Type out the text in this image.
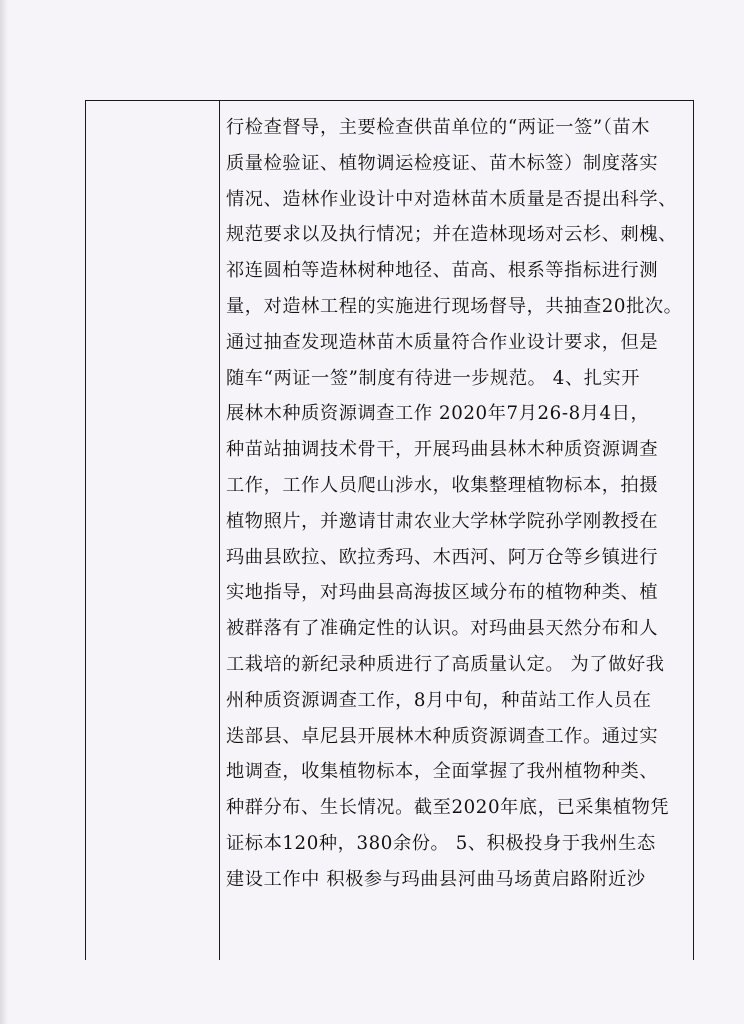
行检查督导，主要检查供苗单位的“两证一签”（苗木
质量检验证、植物调运检疫证、苗木标签）制度落实
情况、造林作业设计中对造林苗木质量是否提出科学、
规范要求以及执行情况；并在造林现场对云杉、刺槐、
祁连圆柏等造林树种地径、苗高、根系等指标进行测
量，对造林工程的实施进行现场督导，共抽查20批次。
通过抽查发现造林苗木质量符合作业设计要求，但是
随车“两证一签”制度有待进一步规范。 4、扎实开
展林木种质资源调查工作 2020年7月26-8月4日，
种苗站抽调技术骨干，开展玛曲县林木种质资源调查
工作，工作人员爬山涉水，收集整理植物标本，拍摄
植物照片，并邀请甘肃农业大学林学院孙学刚教授在
玛曲县欧拉、欧拉秀玛、木西河、阿万仓等乡镇进行
实地指导，对玛曲县高海拔区域分布的植物种类、植
被群落有了准确定性的认识。对玛曲县天然分布和人
工栽培的新纪录种质进行了高质量认定。 为了做好我
州种质资源调查工作，8月中旬，种苗站工作人员在
迭部县、卓尼县开展林木种质资源调查工作。通过实
地调查，收集植物标本，全面掌握了我州植物种类、
种群分布、生长情况。截至2020年底，已采集植物凭
证标本120种，380余份。 5、积极投身于我州生态
建设工作中 积极参与玛曲县河曲马场黄启路附近沙
